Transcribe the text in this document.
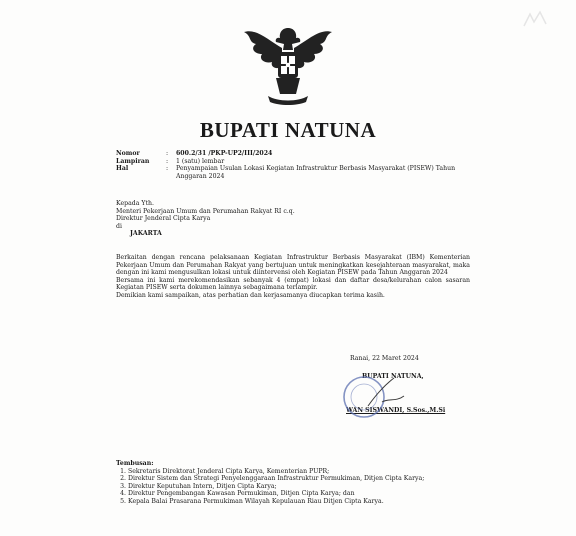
BUPATI NATUNA
Nomor	:	600.2/31 /PKP-UP2/III/2024
Lampiran	:	1 (satu) lembar
Hal	:	Penyampaian Usulan Lokasi Kegiatan Infrastruktur Berbasis Masyarakat (PISEW) Tahun Anggaran 2024
Kepada Yth.
Menteri Pekerjaan Umum dan Perumahan Rakyat RI c.q.
Direktur Jenderal Cipta Karya
di
JAKARTA

Berkaitan dengan rencana pelaksanaan Kegiatan Infrastruktur Berbasis Masyarakat (IBM) Kementerian Pekerjaan Umum dan Perumahan Rakyat yang bertujuan untuk meningkatkan kesejahteraan masyarakat, maka dengan ini kami mengusulkan lokasi untuk diintervensi oleh Kegiatan PISEW pada Tahun Anggaran 2024

Bersama ini kami merekomendasikan sebanyak 4 (empat) lokasi dan daftar desa/kelurahan calon sasaran Kegiatan PISEW serta dokumen lainnya sebagaimana terlampir.

Demikian kami sampaikan, atas perhatian dan kerjasamanya diucapkan terima kasih.

Ranai, 22 Maret 2024
BUPATI NATUNA,
WAN SISWANDI, S.Sos.,M.Si
Tembusan:
1. Sekretaris Direktorat Jenderal Cipta Karya, Kementerian PUPR;
2. Direktur Sistem dan Strategi Penyelenggaraan Infrastruktur Permukiman, Ditjen Cipta Karya;
3. Direktur Keputuhan Intern, Ditjen Cipta Karya;
4. Direktur Pengembangan Kawasan Permukiman, Ditjen Cipta Karya; dan
5. Kepala Balai Prasarana Permukiman Wilayah Kepulauan Riau Ditjen Cipta Karya.
